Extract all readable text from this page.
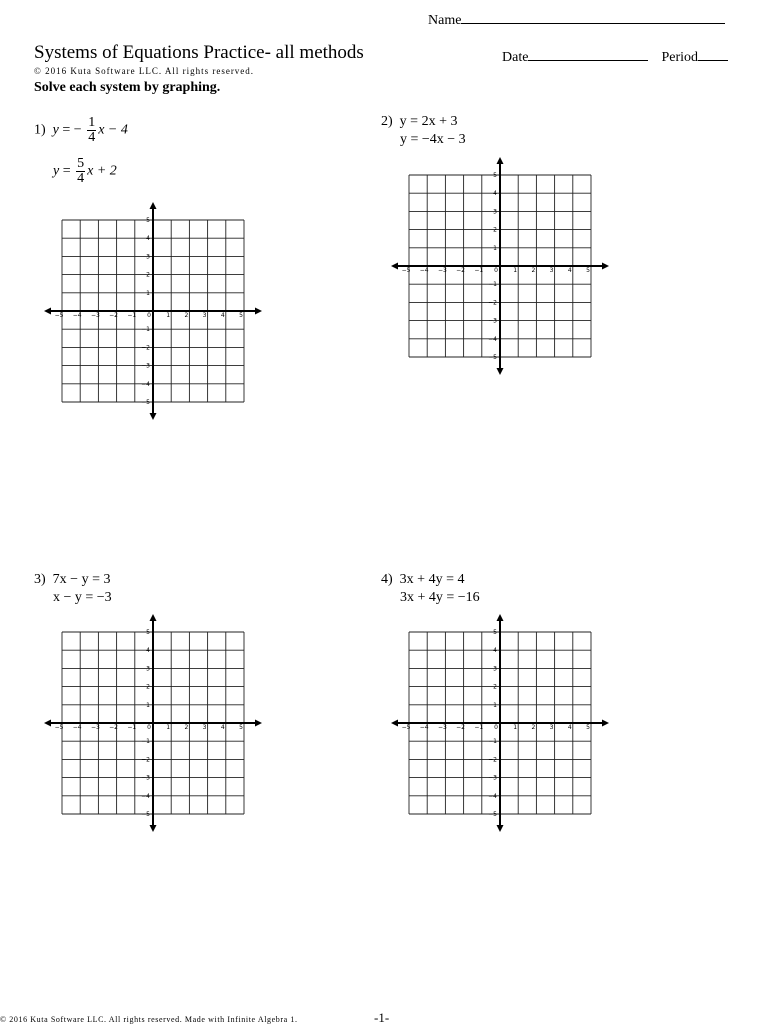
Name
Systems of Equations Practice- all methods	Date	Period
© 2016 Kuta Software LLC. All rights reserved.
Solve each system by graphing.
1) y = − $\frac{1}{4}$ x − 4
$y = \frac{5}{4}$ x + 2
2) y = 2x + 3
y = −4x − 3
3) 7x − y = 3
x − y = −3
4) 3x + 4y = 4
3x + 4y = −16
−5 −4 −3 −2 −1 0	1 2 3 4 5
5
4
3
2
1
−1
−2
−3
−4
−5
−5 −4 −3 −2 −1 0	1 2 3 4 5
5
4
3
2
1
−1
−2
−3
−4
−5
−5 −4 −3 −2 −1 0	1 2 3 4 5
5
4
3
2
1
−1
−2
−3
−4
−5
−5 −4 −3 −2 −1 0	1 2 3 4 5
5
4
3
2
1
−1
−2
−3
−4
−5
© 2016 Kuta Software LLC. All rights reserved. Made with Infinite Algebra 1.	-1-
